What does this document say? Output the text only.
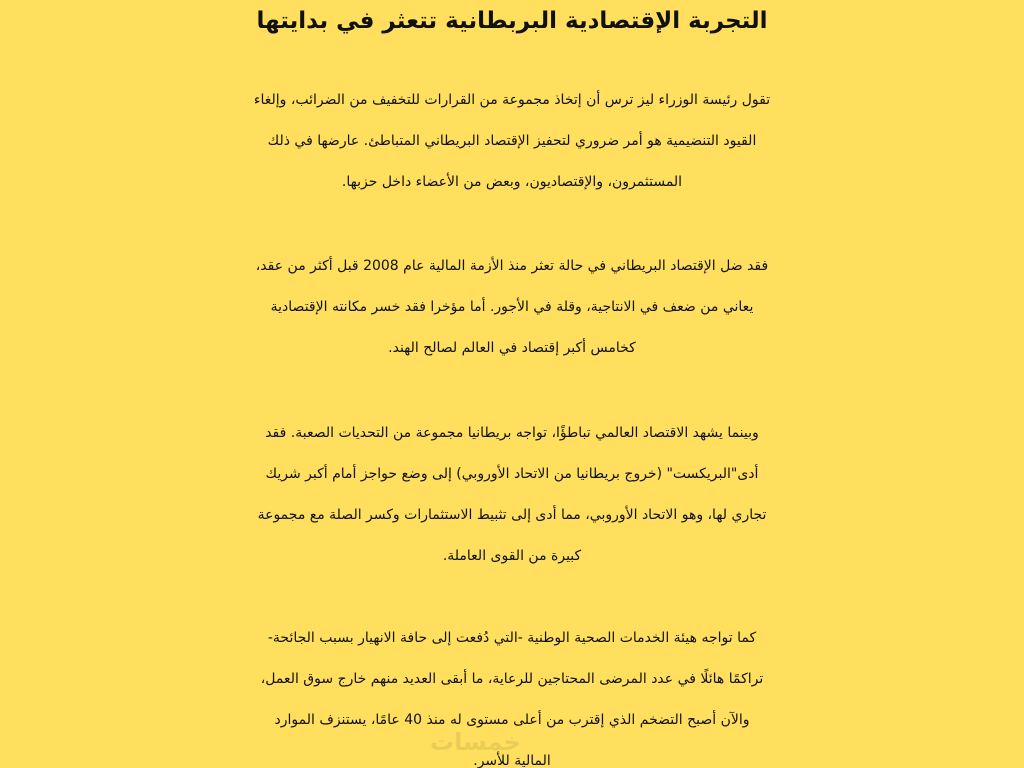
التجربة الإقتصادية البربطانية تتعثر في بدايتها

تقول رئيسة الوزراء ليز ترس أن إتخاذ مجموعة من القرارات للتخفيف من الضرائب، وإلغاء
القيود التنضيمية هو أمر ضروري لتحفيز الإقتصاد البريطاني المتباطئ. عارضها في ذلك
المستثمرون، والإقتصاديون، وبعض من الأعضاء داخل حزبها.

فقد ضل الإقتصاد البريطاني في حالة تعثر منذ الأزمة المالية عام 2008 قبل أكثر من عقد،
يعاني من ضعف في الانتاجية، وقلة في الأجور. أما مؤخرا فقد خسر مكانته الإقتصادية
كخامس أكبر إقتصاد في العالم لصالح الهند.

وبينما يشهد الاقتصاد العالمي تباطؤًا، تواجه بريطانيا مجموعة من التحديات الصعبة. فقد
أدى"البريكست" (خروج بريطانيا من الاتحاد الأوروبي) إلى وضع حواجز أمام أكبر شريك
تجاري لها، وهو الاتحاد الأوروبي، مما أدى إلى تثبيط الاستثمارات وكسر الصلة مع مجموعة
كبيرة من القوى العاملة.

كما تواجه هيئة الخدمات الصحية الوطنية -التي دُفعت إلى حافة الانهيار بسبب الجائحة-
تراكمًا هائلًا في عدد المرضى المحتاجين للرعاية، ما أبقى العديد منهم خارج سوق العمل،
والآن أصبح التضخم الذي إقترب من أعلى مستوى له منذ 40 عامًا، يستنزف الموارد
المالية للأسر.

خمسات
